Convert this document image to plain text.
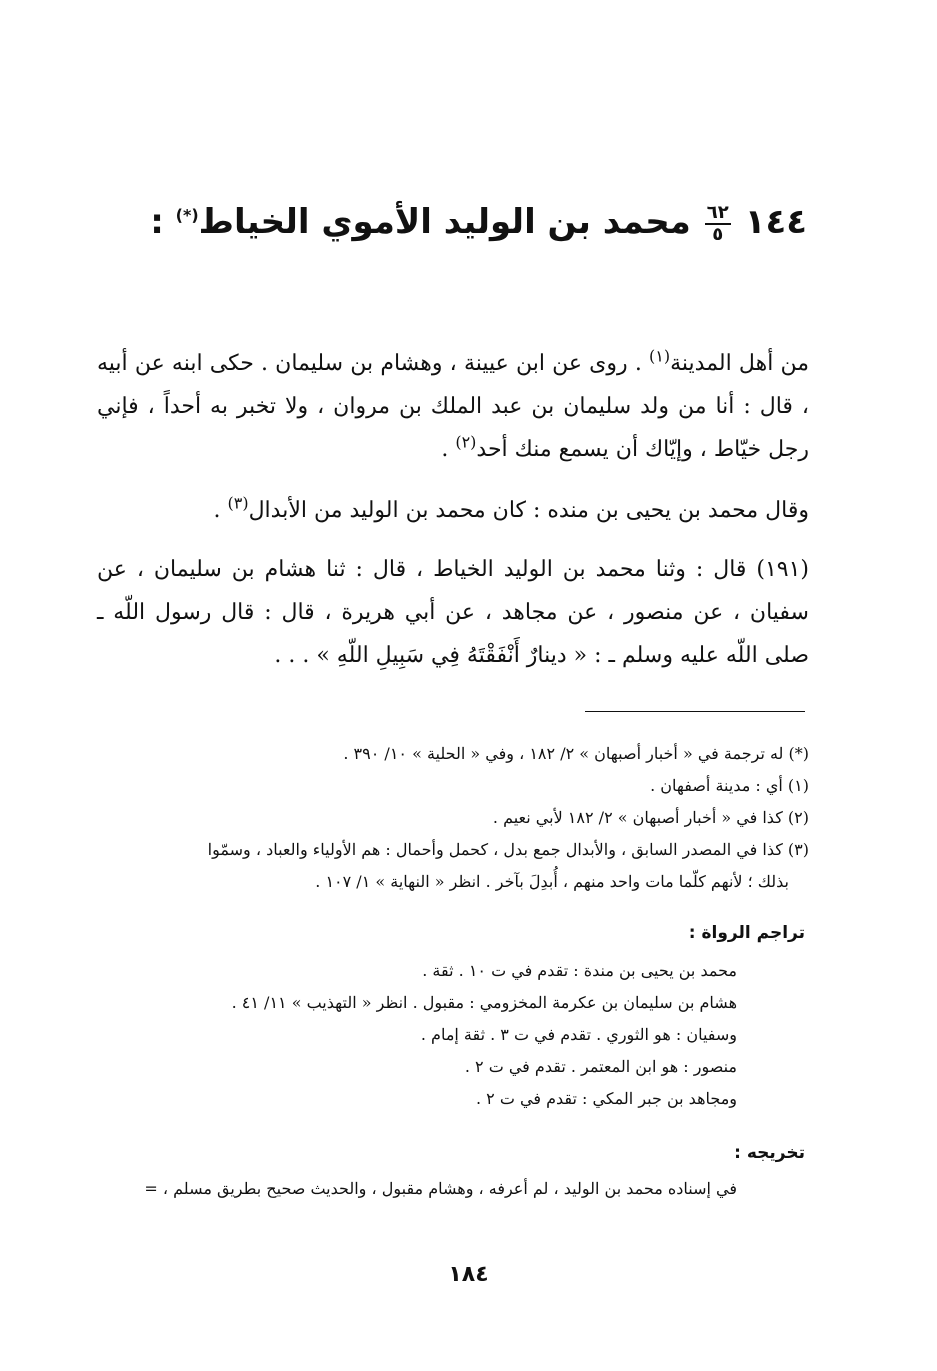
١٤٤
$\frac{٦٢}{٥}$
محمد بن الوليد الأموي الخياط(*) :
من أهل المدينة$^{(١)}$ . روى عن ابن عيينة ، وهشام بن سليمان . حكى ابنه عن أبيه ، قال : أنا من ولد سليمان بن عبد الملك بن مروان ، ولا تخبر به أحداً ، فإني رجل خيّاط ، وإيّاك أن يسمع منك أحد$^{(٢)}$ .
وقال محمد بن يحيى بن منده : كان محمد بن الوليد من الأبدال$^{(٣)}$ .
(١٩١) قال : وثنا محمد بن الوليد الخياط ، قال : ثنا هشام بن سليمان ، عن سفيان ، عن منصور ، عن مجاهد ، عن أبي هريرة ، قال : قال رسول اللّه ـ صلى اللّه عليه وسلم ـ : « دينارٌ أَنْفَقْتَهُ فِي سَبِيلِ اللّهِ » . . .
(*) له ترجمة في « أخبار أصبهان » ٢/ ١٨٢ ، وفي « الحلية » ١٠/ ٣٩٠ .
(١) أي : مدينة أصفهان .
(٢) كذا في « أخبار أصبهان » ٢/ ١٨٢ لأبي نعيم .
(٣) كذا في المصدر السابق ، والأبدال جمع بدل ، كحمل وأحمال : هم الأولياء والعباد ، وسمّوا
بذلك ؛ لأنهم كلّما مات واحد منهم ، أُبدِلَ بآخر . انظر « النهاية » ١/ ١٠٧ .
تراجم الرواة :
محمد بن يحيى بن مندة : تقدم في ت ١٠ . ثقة .
هشام بن سليمان بن عكرمة المخزومي : مقبول . انظر « التهذيب » ١١/ ٤١ .
وسفيان : هو الثوري . تقدم في ت ٣ . ثقة إمام .
منصور : هو ابن المعتمر . تقدم في ت ٢ .
ومجاهد بن جبر المكي : تقدم في ت ٢ .
تخريجه :
في إسناده محمد بن الوليد ، لم أعرفه ، وهشام مقبول ، والحديث صحيح بطريق مسلم ، =
١٨٤
